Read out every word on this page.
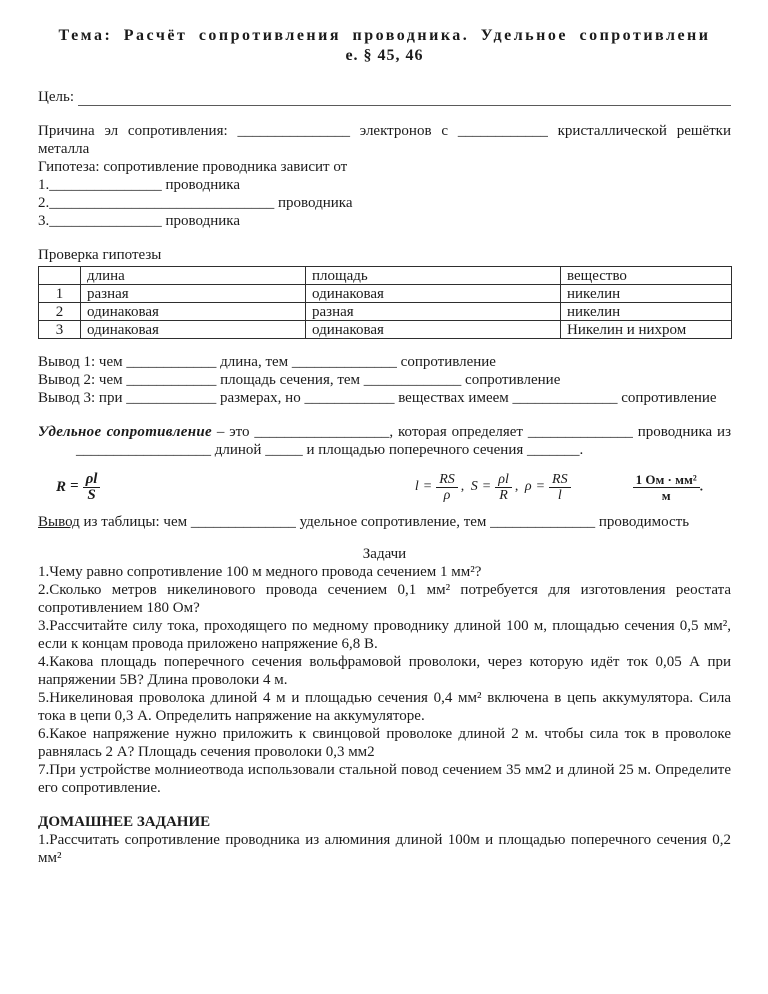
Тема: Расчёт сопротивления проводника. Удельное сопротивлени
е. § 45, 46
Цель:
Причина эл сопротивления: _______________ электронов с ____________ кристаллической решётки металла
Гипотеза: сопротивление проводника зависит от
1._______________ проводника
2.______________________________ проводника
3._______________ проводника
Проверка гипотезы
	длина	площадь	вещество
1	разная	одинаковая	никелин
2	одинаковая	разная	никелин
3	одинаковая	одинаковая	Никелин и нихром
Вывод 1: чем ____________ длина, тем ______________ сопротивление
Вывод 2: чем ____________ площадь сечения, тем _____________ сопротивление
Вывод 3: при ____________ размерах, но ____________ веществах имеем ______________ сопротивление
Удельное сопротивление – это __________________, которая определяет ______________ проводника из
__________________ длиной _____ и площадью поперечного сечения _______.
$R = \frac{\rho l}{S}$	$l = \frac{RS}{\rho}$ , $S = \frac{\rho l}{R}$ , $\rho = \frac{RS}{l}$	$\frac{\text{1 Ом · мм²}}{м}$ .
Вывод из таблицы: чем ______________ удельное сопротивление, тем ______________ проводимость
Задачи
1.Чему равно сопротивление 100 м медного провода сечением 1 мм²?
2.Сколько метров никелинового провода сечением 0,1 мм² потребуется для изготовления реостата сопротивлением 180 Ом?
3.Рассчитайте силу тока, проходящего по медному проводнику длиной 100 м, площадью сечения 0,5 мм², если к концам провода приложено напряжение 6,8 В.
4.Какова площадь поперечного сечения вольфрамовой проволоки, через которую идёт ток 0,05 А при напряжении 5В? Длина проволоки 4 м.
5.Никелиновая проволока длиной 4 м и площадью сечения 0,4 мм² включена в цепь аккумулятора. Сила тока в цепи 0,3 А. Определить напряжение на аккумуляторе.
6.Какое напряжение нужно приложить к свинцовой проволоке длиной 2 м. чтобы сила ток в проволоке равнялась 2 А? Площадь сечения проволоки 0,3 мм2
7.При устройстве молниеотвода использовали стальной повод сечением 35 мм2 и длиной 25 м. Определите его сопротивление.
ДОМАШНЕЕ ЗАДАНИЕ
1.Рассчитать сопротивление проводника из алюминия длиной 100м и площадью поперечного сечения 0,2 мм²
